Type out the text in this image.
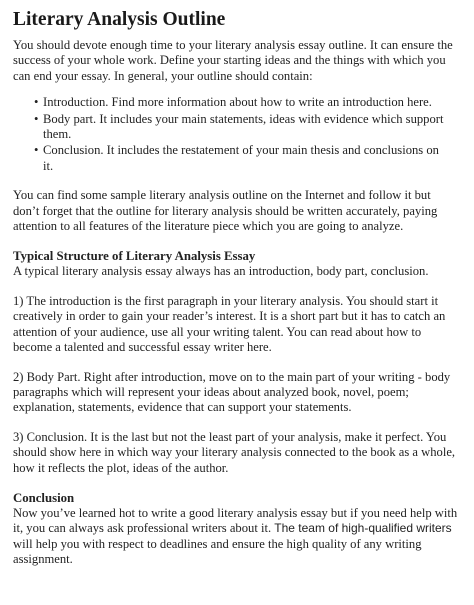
Literary Analysis Outline

You should devote enough time to your literary analysis essay outline. It can ensure the success of your whole work. Define your starting ideas and the things with which you can end your essay. In general, your outline should contain:

• Introduction. Find more information about how to write an introduction here.
• Body part. It includes your main statements, ideas with evidence which support them.
• Conclusion. It includes the restatement of your main thesis and conclusions on it.

You can find some sample literary analysis outline on the Internet and follow it but don’t forget that the outline for literary analysis should be written accurately, paying attention to all features of the literature piece which you are going to analyze.

Typical Structure of Literary Analysis Essay

A typical literary analysis essay always has an introduction, body part, conclusion.

1) The introduction is the first paragraph in your literary analysis. You should start it creatively in order to gain your reader’s interest. It is a short part but it has to catch an attention of your audience, use all your writing talent. You can read about how to become a talented and successful essay writer here.

2) Body Part. Right after introduction, move on to the main part of your writing - body paragraphs which will represent your ideas about analyzed book, novel, poem; explanation, statements, evidence that can support your statements.

3) Conclusion. It is the last but not the least part of your analysis, make it perfect. You should show here in which way your literary analysis connected to the book as a whole, how it reflects the plot, ideas of the author.

Conclusion

Now you’ve learned hot to write a good literary analysis essay but if you need help with it, you can always ask professional writers about it. The team of high-qualified writers will help you with respect to deadlines and ensure the high quality of any writing assignment.
